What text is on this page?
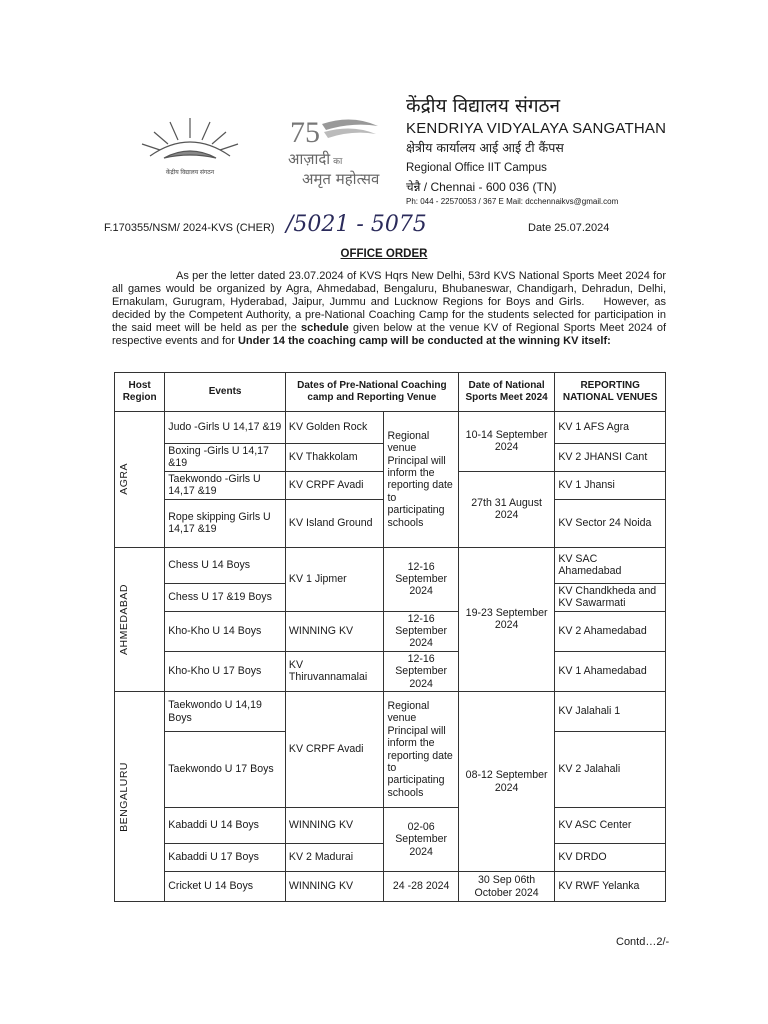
केंद्रीय विद्यालय संगठन
75
आज़ादी का
अमृत महोत्सव
केंद्रीय विद्यालय संगठन
KENDRIYA VIDYALAYA SANGATHAN
क्षेत्रीय कार्यालय आई आई टी कैंपस
Regional Office IIT Campus
चेन्नै / Chennai - 600 036 (TN)
Ph: 044 - 22570053 / 367 E Mail: dcchennaikvs@gmail.com
F.170355/NSM/ 2024-KVS (CHER) /5021 - 5075	Date 25.07.2024
OFFICE ORDER
As per the letter dated 23.07.2024 of KVS Hqrs New Delhi, 53rd KVS National Sports Meet 2024 for all games would be organized by Agra, Ahmedabad, Bengaluru, Bhubaneswar, Chandigarh, Dehradun, Delhi, Ernakulam, Gurugram, Hyderabad, Jaipur, Jummu and Lucknow Regions for Boys and Girls. However, as decided by the Competent Authority, a pre-National Coaching Camp for the students selected for participation in the said meet will be held as per the schedule given below at the venue KV of Regional Sports Meet 2024 of respective events and for Under 14 the coaching camp will be conducted at the winning KV itself:
Host Region	Events	Dates of Pre-National Coaching camp and Reporting Venue		Date of National Sports Meet 2024	REPORTING NATIONAL VENUES

AGRA	Judo -Girls U 14,17 &19	KV Golden Rock	Regional venue Principal will inform the reporting date to participating schools	10-14 September 2024	KV 1 AFS Agra
	Boxing -Girls U 14,17 &19	KV Thakkolam			KV 2 JHANSI Cant
	Taekwondo -Girls U 14,17 &19	KV CRPF Avadi		27th 31 August 2024	KV 1 Jhansi
	Rope skipping Girls U 14,17 &19	KV Island Ground			KV Sector 24 Noida

AHMEDABAD	Chess U 14 Boys	KV 1 Jipmer	12-16 September 2024	19-23 September 2024	KV SAC Ahamedabad
	Chess U 17 &19 Boys				KV Chandkheda and KV Sawarmati
	Kho-Kho U 14 Boys	WINNING KV	12-16 September 2024		KV 2 Ahamedabad
	Kho-Kho U 17 Boys	KV Thiruvannamalai	12-16 September 2024		KV 1 Ahamedabad

BENGALURU	Taekwondo U 14,19 Boys	KV CRPF Avadi	Regional venue Principal will inform the reporting date to participating schools	08-12 September 2024	KV Jalahali 1
	Taekwondo U 17 Boys				KV 2 Jalahali
	Kabaddi U 14 Boys	WINNING KV	02-06 September 2024		KV ASC Center
	Kabaddi U 17 Boys	KV 2 Madurai			KV DRDO
	Cricket U 14 Boys	WINNING KV	24 -28 2024	30 Sep 06th October 2024	KV RWF Yelanka
Contd…2/-
